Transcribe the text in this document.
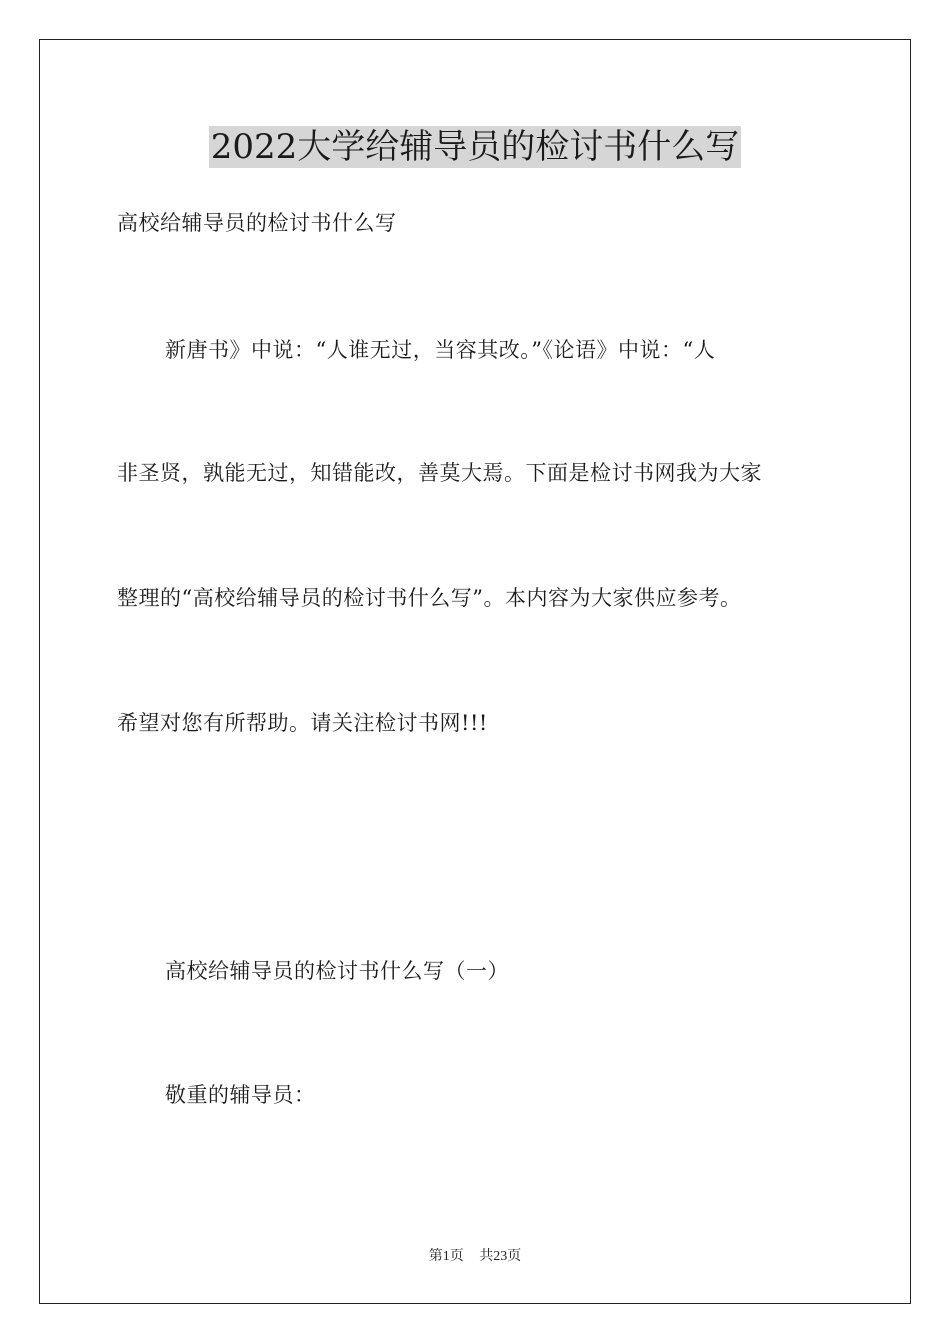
2022大学给辅导员的检讨书什么写
高校给辅导员的检讨书什么写
新唐书》中说：“人谁无过，当容其改。”《论语》中说：“人
非圣贤，孰能无过，知错能改，善莫大焉。下面是检讨书网我为大家
整理的“高校给辅导员的检讨书什么写”。本内容为大家供应参考。
希望对您有所帮助。请关注检讨书网!!!
高校给辅导员的检讨书什么写（一）
敬重的辅导员：
第1页 共23页
